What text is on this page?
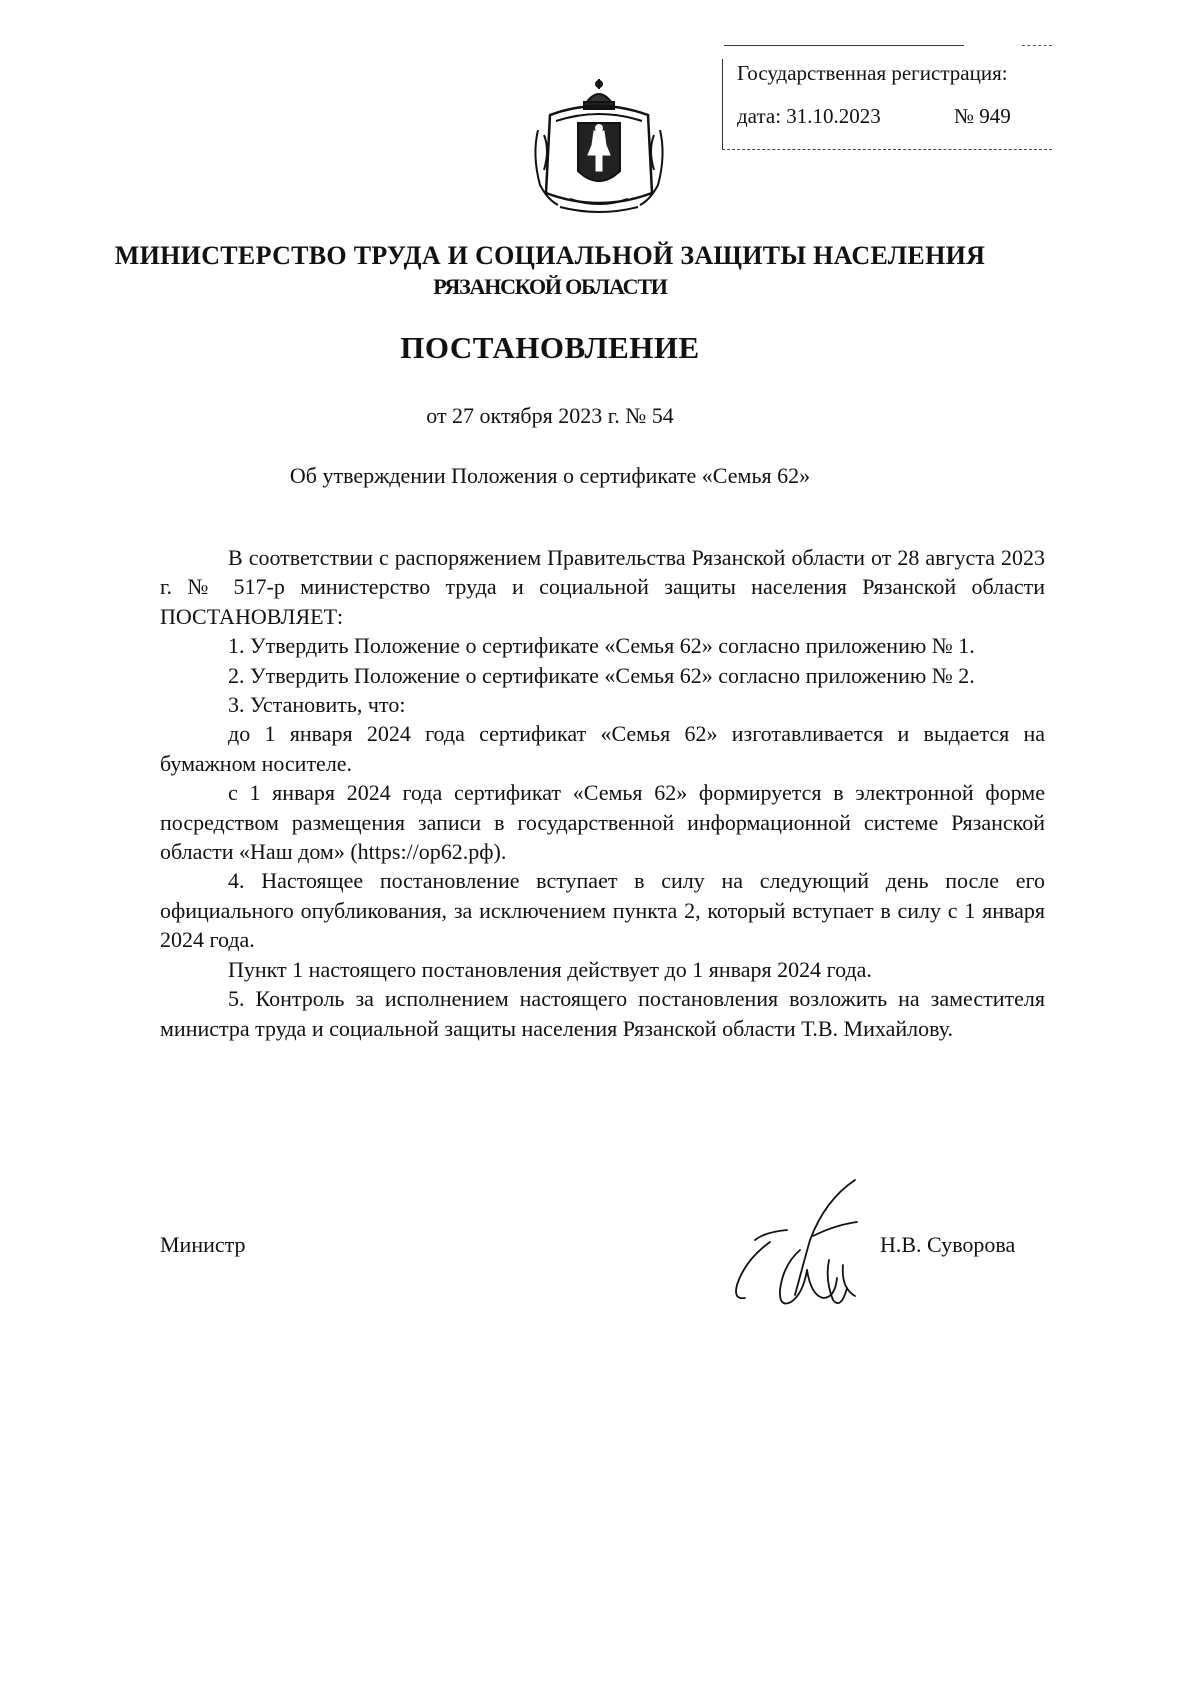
Государственная регистрация:
дата: 31.10.2023	№ 949
МИНИСТЕРСТВО ТРУДА И СОЦИАЛЬНОЙ ЗАЩИТЫ НАСЕЛЕНИЯ
РЯЗАНСКОЙ ОБЛАСТИ
ПОСТАНОВЛЕНИЕ
от 27 октября 2023 г. № 54
Об утверждении Положения о сертификате «Семья 62»

В соответствии с распоряжением Правительства Рязанской области от 28 августа 2023 г. № 517-р министерство труда и социальной защиты населения Рязанской области ПОСТАНОВЛЯЕТ:

1. Утвердить Положение о сертификате «Семья 62» согласно приложению № 1.

2. Утвердить Положение о сертификате «Семья 62» согласно приложению № 2.

3. Установить, что:

до 1 января 2024 года сертификат «Семья 62» изготавливается и выдается на бумажном носителе.

с 1 января 2024 года сертификат «Семья 62» формируется в электронной форме посредством размещения записи в государственной информационной системе Рязанской области «Наш дом» (https://оp62.рф).

4. Настоящее постановление вступает в силу на следующий день после его официального опубликования, за исключением пункта 2, который вступает в силу с 1 января 2024 года.

Пункт 1 настоящего постановления действует до 1 января 2024 года.

5. Контроль за исполнением настоящего постановления возложить на заместителя министра труда и социальной защиты населения Рязанской области Т.В. Михайлову.

Министр	Н.В. Суворова
